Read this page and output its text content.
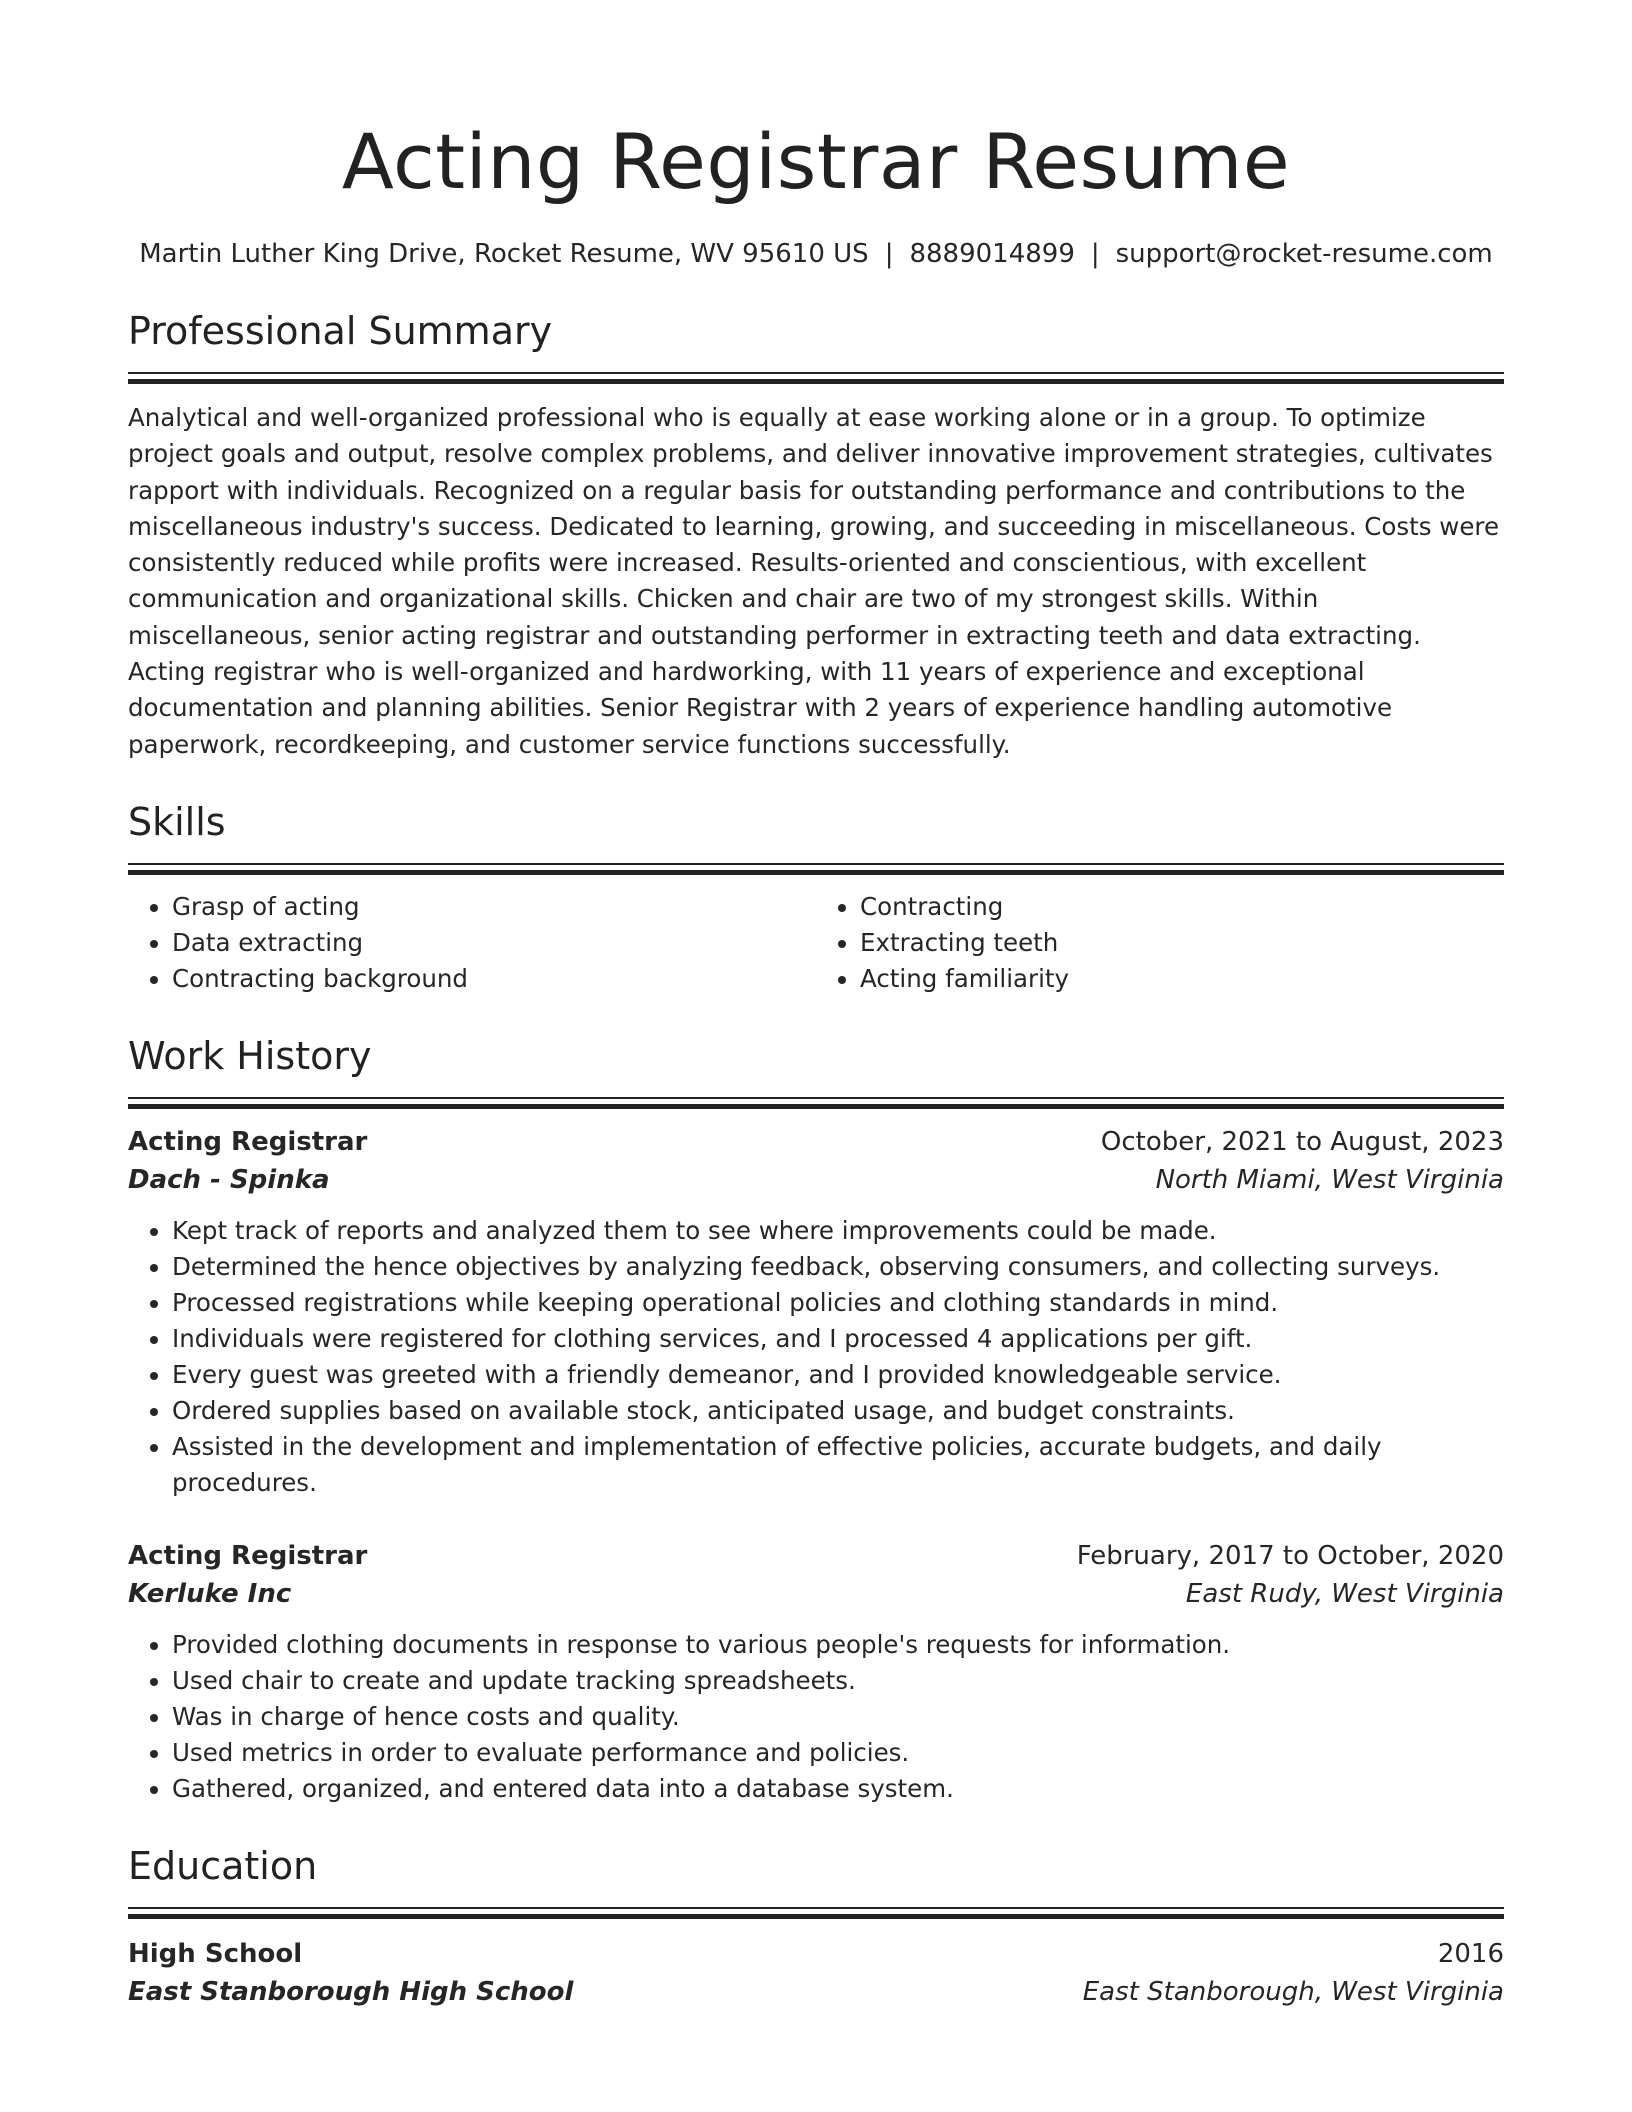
Acting Registrar Resume
Martin Luther King Drive, Rocket Resume, WV 95610 US | 8889014899 | support@rocket-resume.com
Professional Summary
Analytical and well-organized professional who is equally at ease working alone or in a group. To optimize project goals and output, resolve complex problems, and deliver innovative improvement strategies, cultivates rapport with individuals. Recognized on a regular basis for outstanding performance and contributions to the miscellaneous industry's success. Dedicated to learning, growing, and succeeding in miscellaneous. Costs were consistently reduced while profits were increased. Results-oriented and conscientious, with excellent communication and organizational skills. Chicken and chair are two of my strongest skills. Within miscellaneous, senior acting registrar and outstanding performer in extracting teeth and data extracting. Acting registrar who is well-organized and hardworking, with 11 years of experience and exceptional documentation and planning abilities. Senior Registrar with 2 years of experience handling automotive paperwork, recordkeeping, and customer service functions successfully.
Skills
• Grasp of acting
• Data extracting
• Contracting background
• Contracting
• Extracting teeth
• Acting familiarity
Work History
Acting Registrar	October, 2021 to August, 2023
Dach - Spinka	North Miami, West Virginia
• Kept track of reports and analyzed them to see where improvements could be made.
• Determined the hence objectives by analyzing feedback, observing consumers, and collecting surveys.
• Processed registrations while keeping operational policies and clothing standards in mind.
• Individuals were registered for clothing services, and I processed 4 applications per gift.
• Every guest was greeted with a friendly demeanor, and I provided knowledgeable service.
• Ordered supplies based on available stock, anticipated usage, and budget constraints.
• Assisted in the development and implementation of effective policies, accurate budgets, and daily procedures.
Acting Registrar	February, 2017 to October, 2020
Kerluke Inc	East Rudy, West Virginia
• Provided clothing documents in response to various people's requests for information.
• Used chair to create and update tracking spreadsheets.
• Was in charge of hence costs and quality.
• Used metrics in order to evaluate performance and policies.
• Gathered, organized, and entered data into a database system.
Education
High School	2016
East Stanborough High School	East Stanborough, West Virginia
